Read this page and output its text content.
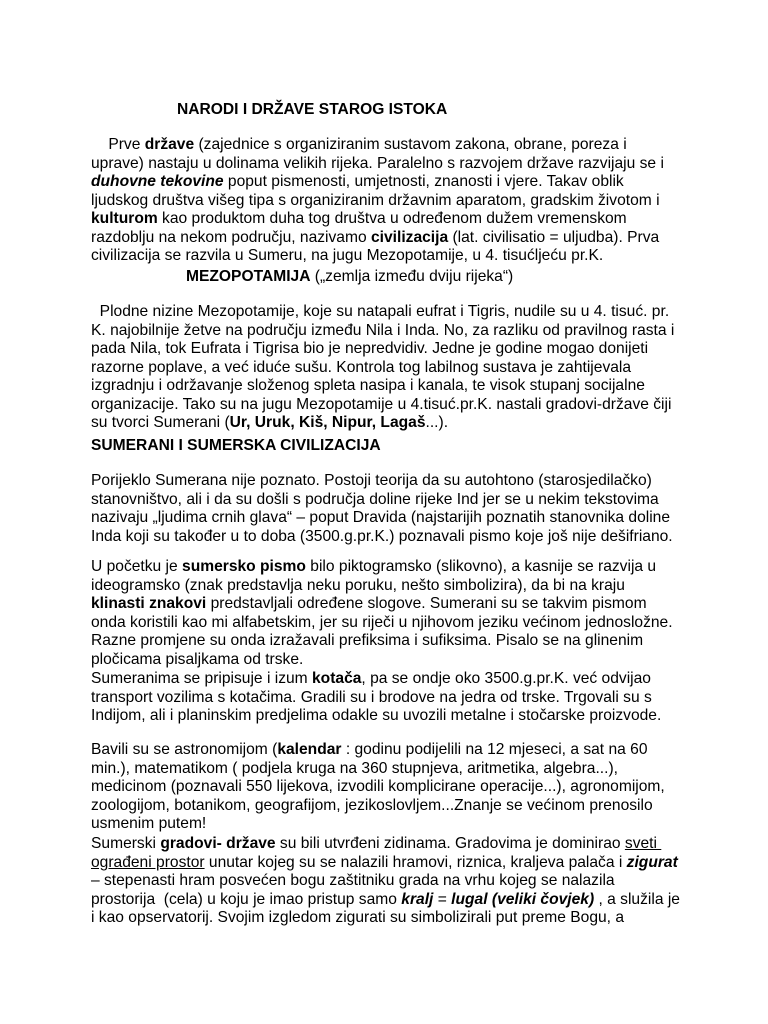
NARODI I DRŽAVE STAROG ISTOKA
Prve države (zajednice s organiziranim sustavom zakona, obrane, poreza i
uprave) nastaju u dolinama velikih rijeka. Paralelno s razvojem države razvijaju se i
duhovne tekovine poput pismenosti, umjetnosti, znanosti i vjere. Takav oblik
ljudskog društva višeg tipa s organiziranim državnim aparatom, gradskim životom i
kulturom kao produktom duha tog društva u određenom dužem vremenskom
razdoblju na nekom području, nazivamo civilizacija (lat. civilisatio = uljudba). Prva
civilizacija se razvila u Sumeru, na jugu Mezopotamije, u 4. tisućljeću pr.K.
MEZOPOTAMIJA („zemlja između dviju rijeka“)
Plodne nizine Mezopotamije, koje su natapali eufrat i Tigris, nudile su u 4. tisuć. pr.
K. najobilnije žetve na području između Nila i Inda. No, za razliku od pravilnog rasta i
pada Nila, tok Eufrata i Tigrisa bio je nepredvidiv. Jedne je godine mogao donijeti
razorne poplave, a već iduće sušu. Kontrola tog labilnog sustava je zahtijevala
izgradnju i održavanje složenog spleta nasipa i kanala, te visok stupanj socijalne
organizacije. Tako su na jugu Mezopotamije u 4.tisuć.pr.K. nastali gradovi-države čiji
su tvorci Sumerani (Ur, Uruk, Kiš, Nipur, Lagaš...).
SUMERANI I SUMERSKA CIVILIZACIJA
Porijeklo Sumerana nije poznato. Postoji teorija da su autohtono (starosjedilačko)
stanovništvo, ali i da su došli s područja doline rijeke Ind jer se u nekim tekstovima
nazivaju „ljudima crnih glava“ – poput Dravida (najstarijih poznatih stanovnika doline
Inda koji su također u to doba (3500.g.pr.K.) poznavali pismo koje još nije dešifriano.
U početku je sumersko pismo bilo piktogramsko (slikovno), a kasnije se razvija u
ideogramsko (znak predstavlja neku poruku, nešto simbolizira), da bi na kraju
klinasti znakovi predstavljali određene slogove. Sumerani su se takvim pismom
onda koristili kao mi alfabetskim, jer su riječi u njihovom jeziku većinom jednosložne.
Razne promjene su onda izražavali prefiksima i sufiksima. Pisalo se na glinenim
pločicama pisaljkama od trske.
Sumeranima se pripisuje i izum kotača, pa se ondje oko 3500.g.pr.K. već odvijao
transport vozilima s kotačima. Gradili su i brodove na jedra od trske. Trgovali su s
Indijom, ali i planinskim predjelima odakle su uvozili metalne i stočarske proizvode.
Bavili su se astronomijom (kalendar : godinu podijelili na 12 mjeseci, a sat na 60
min.), matematikom ( podjela kruga na 360 stupnjeva, aritmetika, algebra...),
medicinom (poznavali 550 lijekova, izvodili komplicirane operacije...), agronomijom,
zoologijom, botanikom, geografijom, jezikoslovljem...Znanje se većinom prenosilo
usmenim putem!
Sumerski gradovi- države su bili utvrđeni zidinama. Gradovima je dominirao sveti
ograđeni prostor unutar kojeg su se nalazili hramovi, riznica, kraljeva palača i zigurat
– stepenasti hram posvećen bogu zaštitniku grada na vrhu kojeg se nalazila
prostorija  (cela) u koju je imao pristup samo kralj = lugal (veliki čovjek) , a služila je
i kao opservatorij. Svojim izgledom zigurati su simbolizirali put preme Bogu, a
